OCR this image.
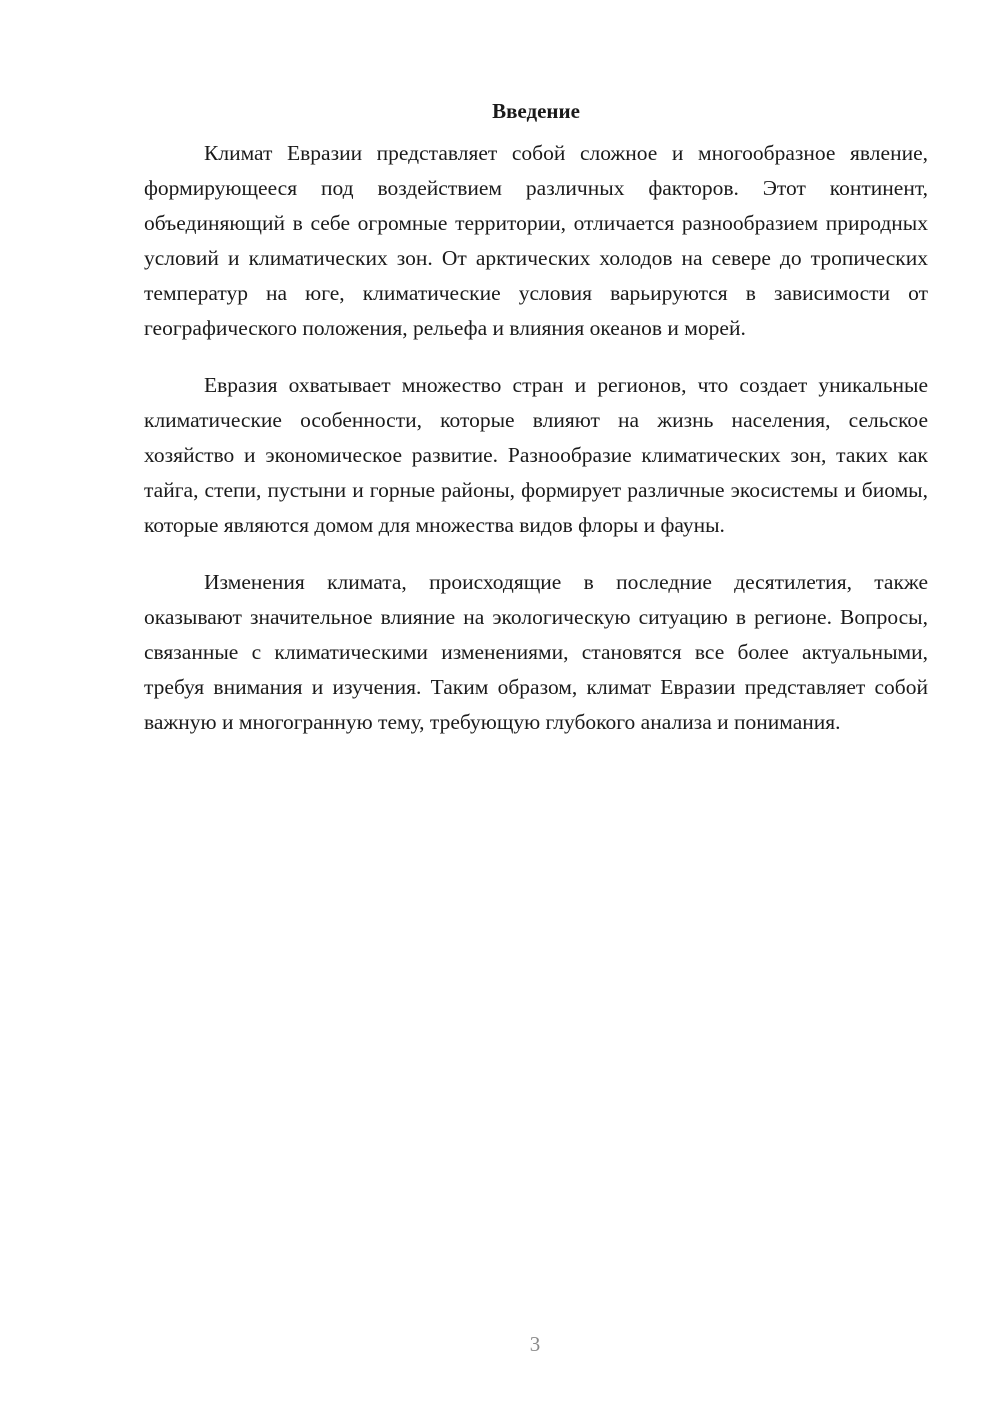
Введение

Климат Евразии представляет собой сложное и многообразное явление, формирующееся под воздействием различных факторов. Этот континент, объединяющий в себе огромные территории, отличается разнообразием природных условий и климатических зон. От арктических холодов на севере до тропических температур на юге, климатические условия варьируются в зависимости от географического положения, рельефа и влияния океанов и морей.

Евразия охватывает множество стран и регионов, что создает уникальные климатические особенности, которые влияют на жизнь населения, сельское хозяйство и экономическое развитие. Разнообразие климатических зон, таких как тайга, степи, пустыни и горные районы, формирует различные экосистемы и биомы, которые являются домом для множества видов флоры и фауны.

Изменения климата, происходящие в последние десятилетия, также оказывают значительное влияние на экологическую ситуацию в регионе. Вопросы, связанные с климатическими изменениями, становятся все более актуальными, требуя внимания и изучения. Таким образом, климат Евразии представляет собой важную и многогранную тему, требующую глубокого анализа и понимания.

3
